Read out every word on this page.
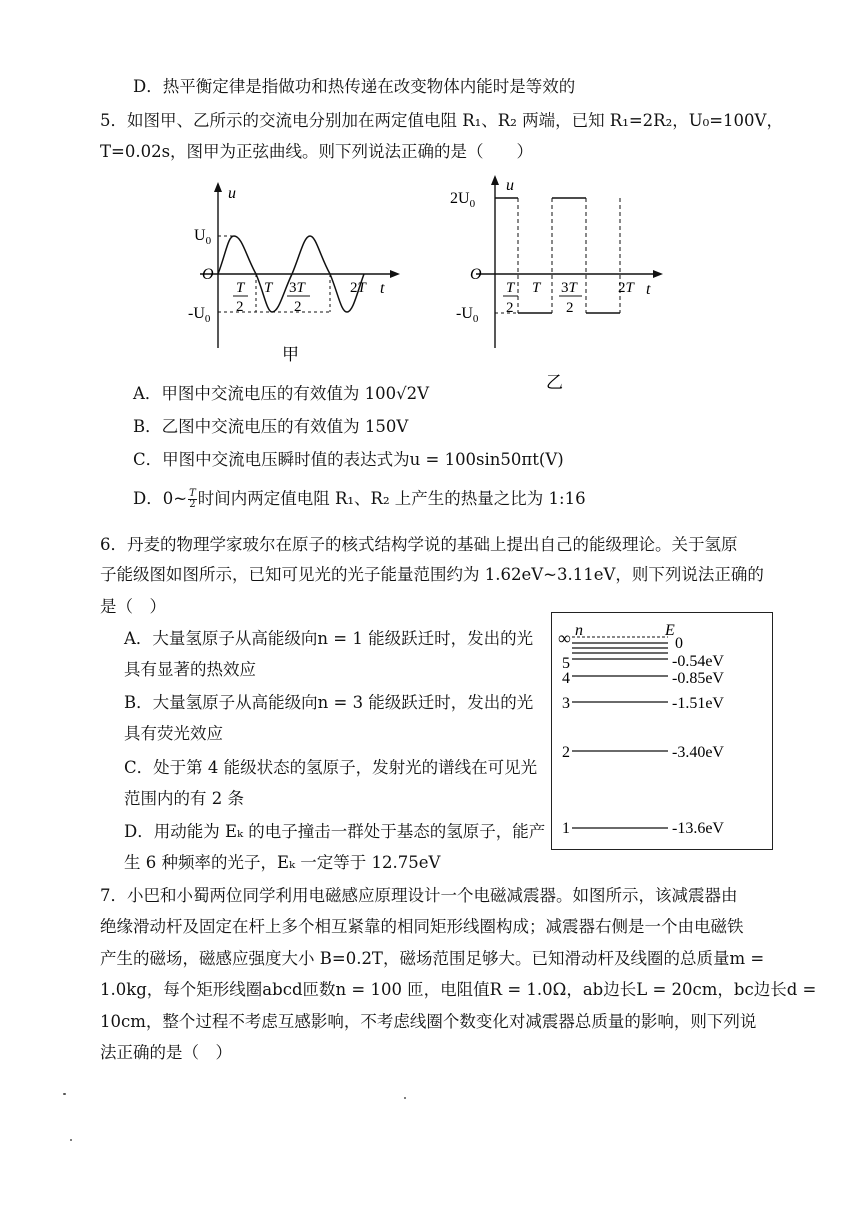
D．热平衡定律是指做功和热传递在改变物体内能时是等效的
5．如图甲、乙所示的交流电分别加在两定值电阻 R₁、R₂ 两端，已知 R₁=2R₂，U₀=100V，
T=0.02s，图甲为正弦曲线。则下列说法正确的是（　　）
u
t
O
$U_0$
$-U_0$
T
2
T 3T
2
2T
甲
u
t
O
$2U_0$
$-U_0$
T
2
T 3T
2
2T
乙
A．甲图中交流电压的有效值为 100√2V
B．乙图中交流电压的有效值为 150V
C．甲图中交流电压瞬时值的表达式为u = 100sin50πt(V)
D．0~ $\frac{T}{2}$ 时间内两定值电阻 R₁、R₂ 上产生的热量之比为 1:16
6．丹麦的物理学家玻尔在原子的核式结构学说的基础上提出自己的能级理论。关于氢原
子能级图如图所示，已知可见光的光子能量范围约为 1.62eV~3.11eV，则下列说法正确的
是（　）
A．大量氢原子从高能级向n = 1 能级跃迁时，发出的光
具有显著的热效应
B．大量氢原子从高能级向n = 3 能级跃迁时，发出的光
具有荧光效应
C．处于第 4 能级状态的氢原子，发射光的谱线在可见光
范围内的有 2 条
D．用动能为 Eₖ 的电子撞击一群处于基态的氢原子，能产
生 6 种频率的光子，Eₖ 一定等于 12.75eV
∞ n	E
0
5
4
3
2
1
-0.54eV
-0.85eV
-1.51eV
-3.40eV
-13.6eV
7．小巴和小蜀两位同学利用电磁感应原理设计一个电磁减震器。如图所示，该减震器由
绝缘滑动杆及固定在杆上多个相互紧靠的相同矩形线圈构成；减震器右侧是一个由电磁铁
产生的磁场，磁感应强度大小 B=0.2T，磁场范围足够大。已知滑动杆及线圈的总质量m =
1.0kg，每个矩形线圈abcd匝数n = 100 匝，电阻值R = 1.0Ω，ab边长L = 20cm，bc边长d =
10cm，整个过程不考虑互感影响，不考虑线圈个数变化对减震器总质量的影响，则下列说
法正确的是（　）
